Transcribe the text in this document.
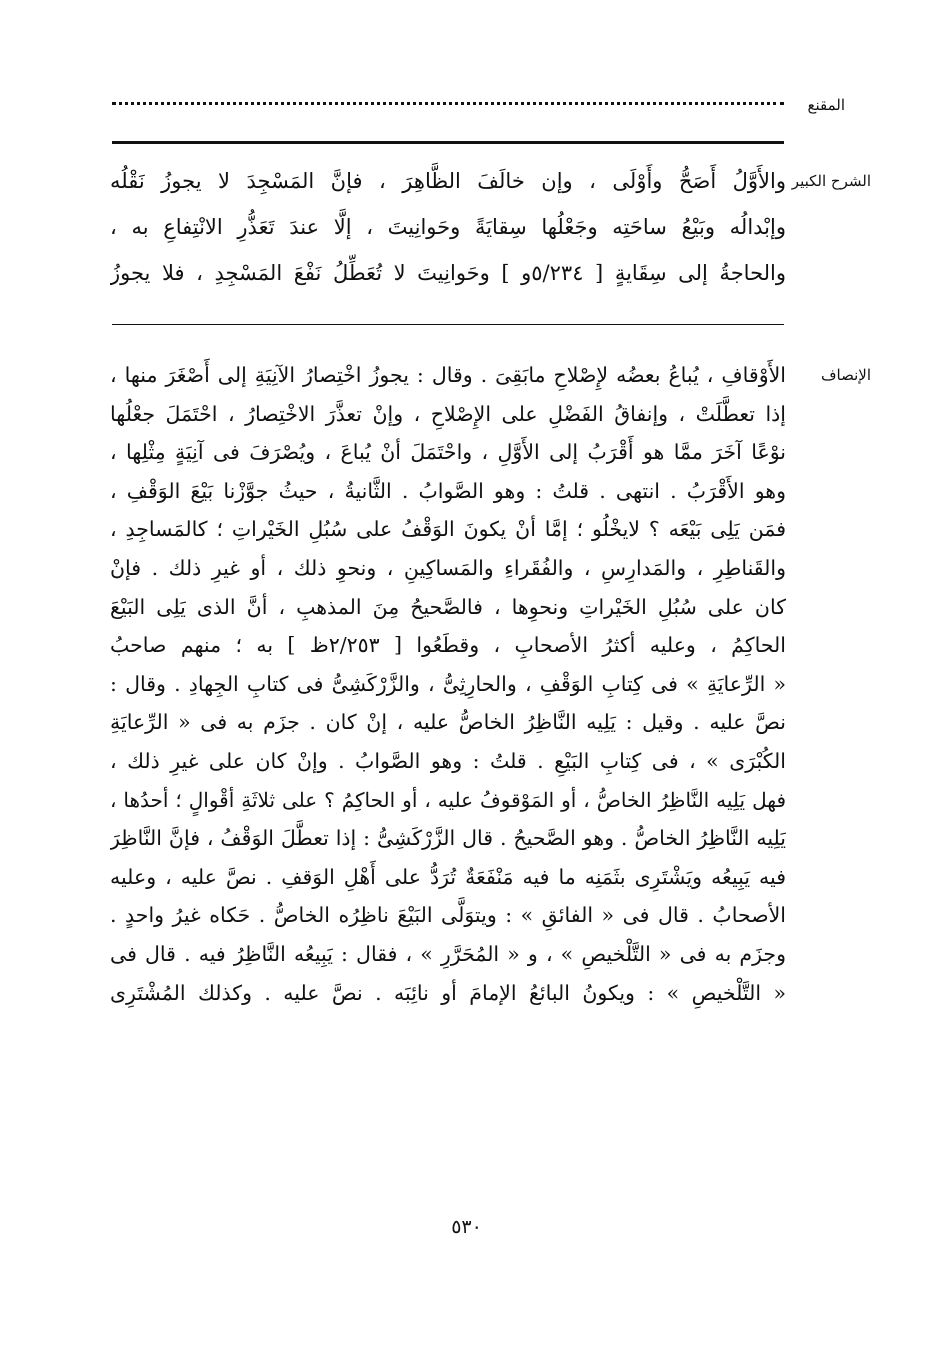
المقنع
الشرح الكبير
والأَوَّلُ أَصَحُّ وأَوْلَى ، وإن خالَفَ الظَّاهِرَ ، فإنَّ المَسْجِدَ لا يجوزُ نَقْلُه
وإبْدالُه وبَيْعُ ساحَتِه وجَعْلُها سِقايَةً وحَوانِيتَ ، إلَّا عندَ تَعَذُّرِ الانْتِفاعِ به ،
والحاجةُ إلى سِقَايةٍ [ ٥/٢٣٤و ] وحَوانِيتَ لا تُعَطِّلُ نَفْعَ المَسْجِدِ ، فلا يجوزُ
الإنصاف
الأَوْقافِ ، يُباعُ بعضُه لإِصْلاحِ مابَقِىَ . وقال : يجوزُ اخْتِصارُ الآنِيَةِ إلى أَصْغَرَ منها ،
إذا تعطَّلَتْ ، وإنفاقُ الفَضْلِ على الإِصْلاحِ ، وإنْ تعذَّرَ الاخْتِصارُ ، احْتَمَلَ جعْلُها
نوْعًا آخَرَ ممَّا هو أَقْرَبُ إلى الأَوَّلِ ، واحْتَمَلَ أنْ يُباعَ ، ويُصْرَفَ فى آنِيَةٍ مِثْلِها ،
وهو الأَقْرَبُ . انتهى . قلتُ : وهو الصَّوابُ . الثَّانيةُ ، حيثُ جوَّزْنا بَيْعَ الوَقْفِ ،
فمَن يَلِى بَيْعَه ؟ لايخْلُو ؛ إمَّا أنْ يكونَ الوَقْفُ على سُبُلِ الخَيْراتِ ؛ كالمَساجِدِ ،
والقَناطِرِ ، والمَدارِسِ ، والفُقَراءِ والمَساكِينِ ، ونحوِ ذلك ، أو غيرِ ذلك . فإنْ
كان على سُبُلِ الخَيْراتِ ونحوِها ، فالصَّحيحُ مِنَ المذهبِ ، أنَّ الذى يَلِى البَيْعَ
الحاكِمُ ، وعليه أكثرُ الأصحابِ ، وقطَعُوا [ ٢/٢٥٣ظ ] به ؛ منهم صاحبُ
« الرِّعايَةِ » فى كِتابِ الوَقْفِ ، والحارِثِىُّ ، والزَّرْكَشِىُّ فى كتابِ الجِهادِ . وقال :
نصَّ عليه . وقيل : يَلِيه النَّاظِرُ الخاصُّ عليه ، إنْ كان . جزَم به فى « الرِّعايَةِ
الكُبْرَى » ، فى كِتابِ البَيْعِ . قلتُ : وهو الصَّوابُ . وإنْ كان على غيرِ ذلك ،
فهل يَلِيه النَّاظِرُ الخاصُّ ، أو المَوْقوفُ عليه ، أو الحاكِمُ ؟ على ثلاثَةِ أقْوالٍ ؛ أحدُها ،
يَلِيه النَّاظِرُ الخاصُّ . وهو الصَّحيحُ . قال الزَّرْكَشِىُّ : إذا تعطَّلَ الوَقْفُ ، فإنَّ النَّاظِرَ
فيه يَبِيعُه ويَشْتَرِى بثَمَنِه ما فيه مَنْفَعَةٌ تُرَدُّ على أَهْلِ الوَقفِ . نصَّ عليه ، وعليه
الأصحابُ . قال فى « الفائقِ » : ويتوَلَّى البَيْعَ ناظِرُه الخاصُّ . حَكاه غيرُ واحدٍ .
وجزَم به فى « التَّلْخيصِ » ، و « المُحَرَّرِ » ، فقال : يَبِيعُه النَّاظِرُ فيه . قال فى
« التَّلْخيصِ » : ويكونُ البائعُ الإمامَ أو نائِبَه . نصَّ عليه . وكذلك المُشْتَرِى
٥٣٠
